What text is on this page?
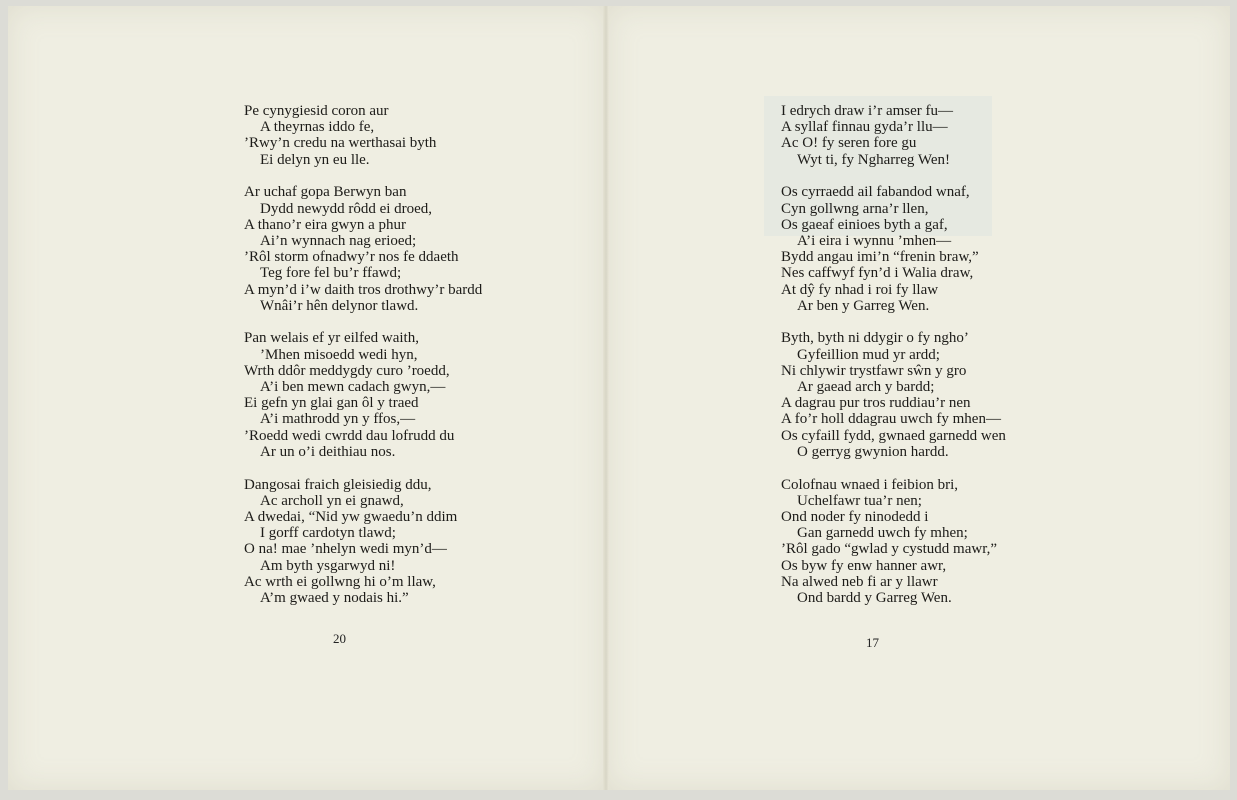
Pe cynygiesid coron aur
A theyrnas iddo fe,
’Rwy’n credu na werthasai byth
Ei delyn yn eu lle.
Ar uchaf gopa Berwyn ban
Dydd newydd rôdd ei droed,
A thano’r eira gwyn a phur
Ai’n wynnach nag erioed;
’Rôl storm ofnadwy’r nos fe ddaeth
Teg fore fel bu’r ffawd;
A myn’d i’w daith tros drothwy’r bardd
Wnâi’r hên delynor tlawd.
Pan welais ef yr eilfed waith,
’Mhen misoedd wedi hyn,
Wrth ddôr meddygdy curo ’roedd,
A’i ben mewn cadach gwyn,—
Ei gefn yn glai gan ôl y traed
A’i mathrodd yn y ffos,—
’Roedd wedi cwrdd dau lofrudd du
Ar un o’i deithiau nos.
Dangosai fraich gleisiedig ddu,
Ac archoll yn ei gnawd,
A dwedai, “Nid yw gwaedu’n ddim
I gorff cardotyn tlawd;
O na! mae ’nhelyn wedi myn’d—
Am byth ysgarwyd ni!
Ac wrth ei gollwng hi o’m llaw,
A’m gwaed y nodais hi.”
I edrych draw i’r amser fu—
A syllaf finnau gyda’r llu—
Ac O! fy seren fore gu
Wyt ti, fy Ngharreg Wen!
Os cyrraedd ail fabandod wnaf,
Cyn gollwng arna’r llen,
Os gaeaf einioes byth a gaf,
A’i eira i wynnu ’mhen—
Bydd angau imi’n “frenin braw,”
Nes caffwyf fyn’d i Walia draw,
At dŷ fy nhad i roi fy llaw
Ar ben y Garreg Wen.
Byth, byth ni ddygir o fy ngho’
Gyfeillion mud yr ardd;
Ni chlywir trystfawr sŵn y gro
Ar gaead arch y bardd;
A dagrau pur tros ruddiau’r nen
A fo’r holl ddagrau uwch fy mhen—
Os cyfaill fydd, gwnaed garnedd wen
O gerryg gwynion hardd.
Colofnau wnaed i feibion bri,
Uchelfawr tua’r nen;
Ond noder fy ninodedd i
Gan garnedd uwch fy mhen;
’Rôl gado “gwlad y cystudd mawr,”
Os byw fy enw hanner awr,
Na alwed neb fi ar y llawr
Ond bardd y Garreg Wen.
20	17
